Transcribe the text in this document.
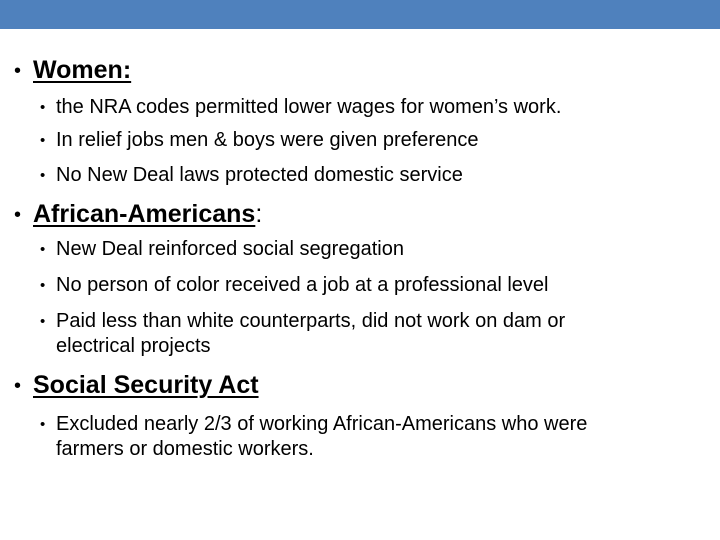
• Women:
• the NRA codes permitted lower wages for women’s work.
• In relief jobs men & boys were given preference
• No New Deal laws protected domestic service
• African-Americans:
• New Deal reinforced social segregation
• No person of color received a job at a professional level
• Paid less than white counterparts, did not work on dam or
electrical projects
• Social Security Act
• Excluded nearly 2/3 of working African-Americans who were
farmers or domestic workers.
